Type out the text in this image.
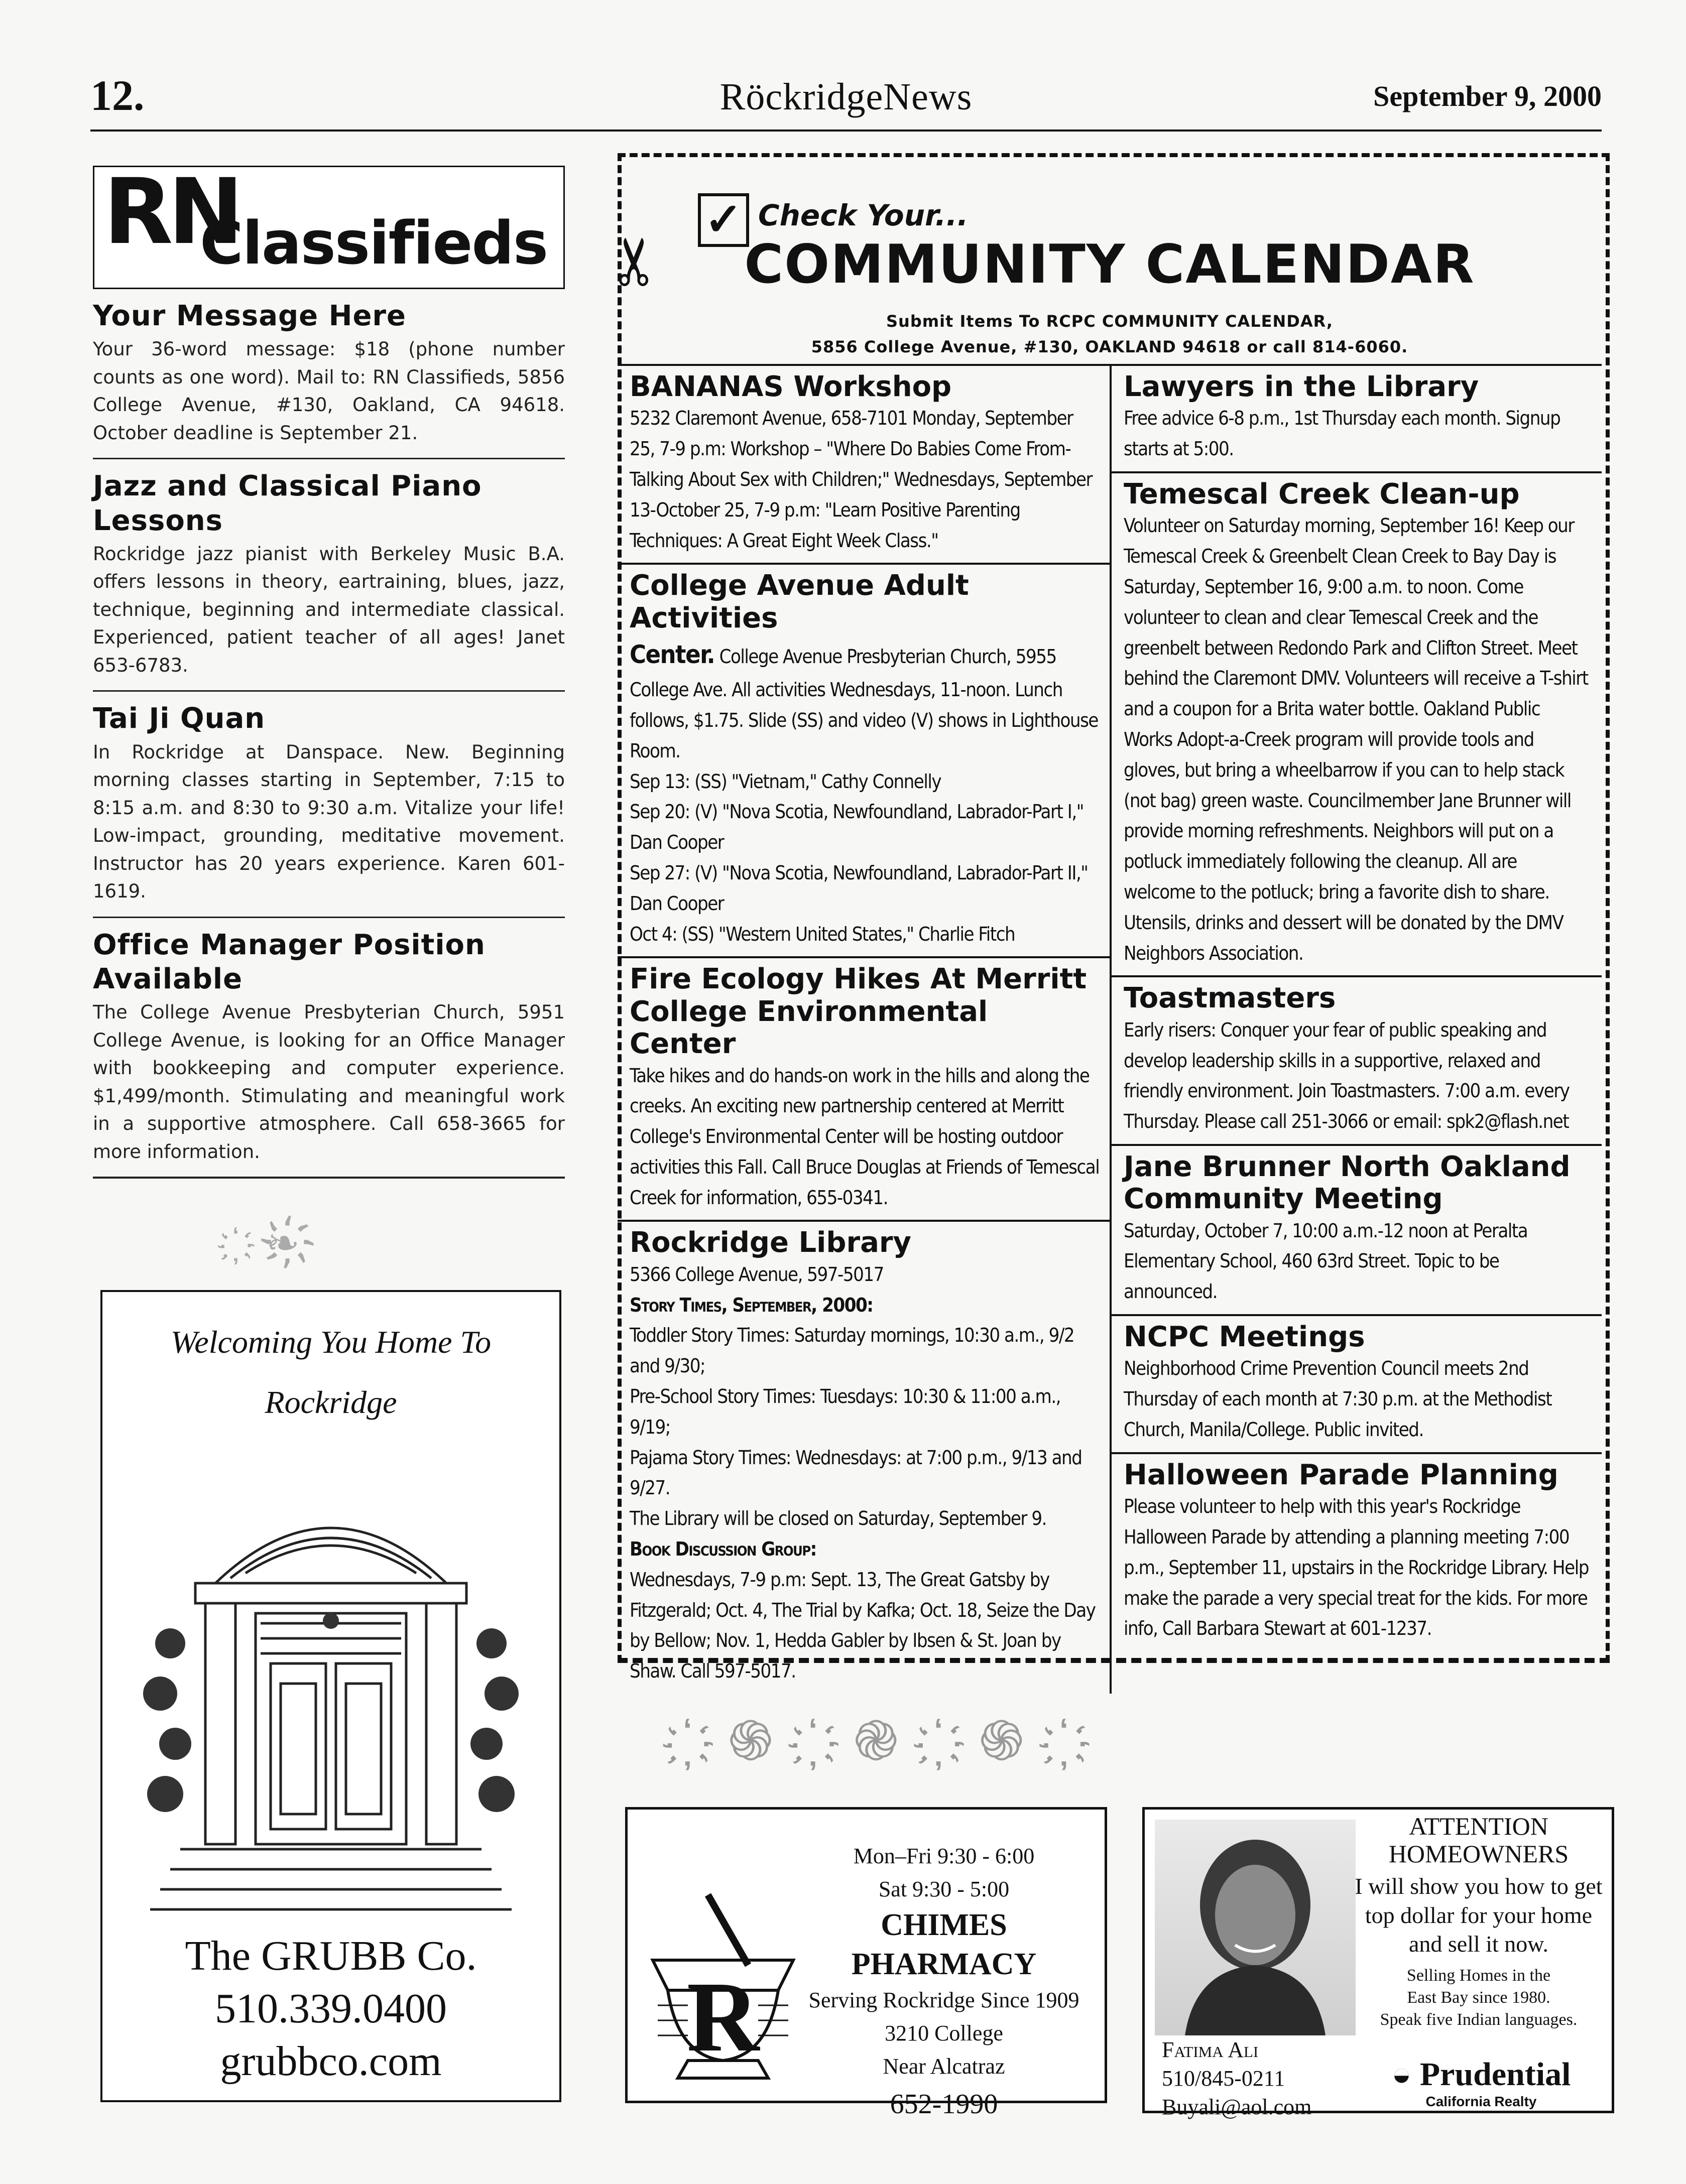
12.	RöckridgeNews	September 9, 2000
RN
Classifieds
Your Message Here

Your 36-word message: $18 (phone number counts as one word). Mail to: RN Classifieds, 5856 College Avenue, #130, Oakland, CA 94618. October deadline is September 21.

Jazz and Classical Piano Lessons

Rockridge jazz pianist with Berkeley Music B.A. offers lessons in theory, eartraining, blues, jazz, technique, beginning and intermediate classical. Experienced, patient teacher of all ages! Janet 653-6783.

Tai Ji Quan

In Rockridge at Danspace. New. Beginning morning classes starting in September, 7:15 to 8:15 a.m. and 8:30 to 9:30 a.m. Vitalize your life! Low-impact, grounding, meditative movement. Instructor has 20 years experience. Karen 601-1619.

Office Manager Position Available

The College Avenue Presbyterian Church, 5951 College Avenue, is looking for an Office Manager with bookkeeping and computer experience. $1,499/month. Stimulating and meaningful work in a supportive atmosphere. Call 658-3665 for more information.

҉❧҉
Welcoming You Home To
Rockridge
The GRUBB Co.
510.339.0400
grubbco.com
✂
✓ Check Your...
COMMUNITY CALENDAR
Submit Items To RCPC COMMUNITY CALENDAR,
5856 College Avenue, #130, OAKLAND 94618 or call 814-6060.
BANANAS Workshop
5232 Claremont Avenue, 658-7101 Monday, September 25, 7-9 p.m: Workshop – "Where Do Babies Come From-Talking About Sex with Children;" Wednesdays, September 13-October 25, 7-9 p.m: "Learn Positive Parenting Techniques: A Great Eight Week Class."
College Avenue Adult Activities
Center. College Avenue Presbyterian Church, 5955 College Ave. All activities Wednesdays, 11-noon. Lunch follows, $1.75. Slide (SS) and video (V) shows in Lighthouse Room.
Sep 13: (SS) "Vietnam," Cathy Connelly
Sep 20: (V) "Nova Scotia, Newfoundland, Labrador-Part I," Dan Cooper
Sep 27: (V) "Nova Scotia, Newfoundland, Labrador-Part II," Dan Cooper
Oct 4: (SS) "Western United States," Charlie Fitch
Fire Ecology Hikes At Merritt College Environmental Center
Take hikes and do hands-on work in the hills and along the creeks. An exciting new partnership centered at Merritt College's Environmental Center will be hosting outdoor activities this Fall. Call Bruce Douglas at Friends of Temescal Creek for information, 655-0341.
Rockridge Library
5366 College Avenue, 597-5017
Story Times, September, 2000:
Toddler Story Times: Saturday mornings, 10:30 a.m., 9/2 and 9/30;
Pre-School Story Times: Tuesdays: 10:30 & 11:00 a.m., 9/19;
Pajama Story Times: Wednesdays: at 7:00 p.m., 9/13 and 9/27.
The Library will be closed on Saturday, September 9.
Book Discussion Group:
Wednesdays, 7-9 p.m: Sept. 13, The Great Gatsby by Fitzgerald; Oct. 4, The Trial by Kafka; Oct. 18, Seize the Day by Bellow; Nov. 1, Hedda Gabler by Ibsen & St. Joan by Shaw. Call 597-5017.
Lawyers in the Library
Free advice 6-8 p.m., 1st Thursday each month. Signup starts at 5:00.
Temescal Creek Clean-up
Volunteer on Saturday morning, September 16! Keep our Temescal Creek & Greenbelt Clean Creek to Bay Day is Saturday, September 16, 9:00 a.m. to noon. Come volunteer to clean and clear Temescal Creek and the greenbelt between Redondo Park and Clifton Street. Meet behind the Claremont DMV. Volunteers will receive a T-shirt and a coupon for a Brita water bottle. Oakland Public Works Adopt-a-Creek program will provide tools and gloves, but bring a wheelbarrow if you can to help stack (not bag) green waste. Councilmember Jane Brunner will provide morning refreshments. Neighbors will put on a potluck immediately following the cleanup. All are welcome to the potluck; bring a favorite dish to share. Utensils, drinks and dessert will be donated by the DMV Neighbors Association.
Toastmasters
Early risers: Conquer your fear of public speaking and develop leadership skills in a supportive, relaxed and friendly environment. Join Toastmasters. 7:00 a.m. every Thursday. Please call 251-3066 or email: spk2@flash.net
Jane Brunner North Oakland Community Meeting
Saturday, October 7, 10:00 a.m.-12 noon at Peralta Elementary School, 460 63rd Street. Topic to be announced.
NCPC Meetings
Neighborhood Crime Prevention Council meets 2nd Thursday of each month at 7:30 p.m. at the Methodist Church, Manila/College. Public invited.
Halloween Parade Planning
Please volunteer to help with this year's Rockridge Halloween Parade by attending a planning meeting 7:00 p.m., September 11, upstairs in the Rockridge Library. Help make the parade a very special treat for the kids. For more info, Call Barbara Stewart at 601-1237.
҉֍҉֎҉֍҉
R
Mon–Fri 9:30 - 6:00
Sat 9:30 - 5:00
CHIMES
PHARMACY
Serving Rockridge Since 1909
3210 College
Near Alcatraz
652-1990
Fatima Ali
510/845-0211
Buyali@aol.com
ATTENTION
HOMEOWNERS
I will show you how to get top dollar for your home and sell it now.
Selling Homes in the
East Bay since 1980.
Speak five Indian languages.
◒ Prudential
California Realty
